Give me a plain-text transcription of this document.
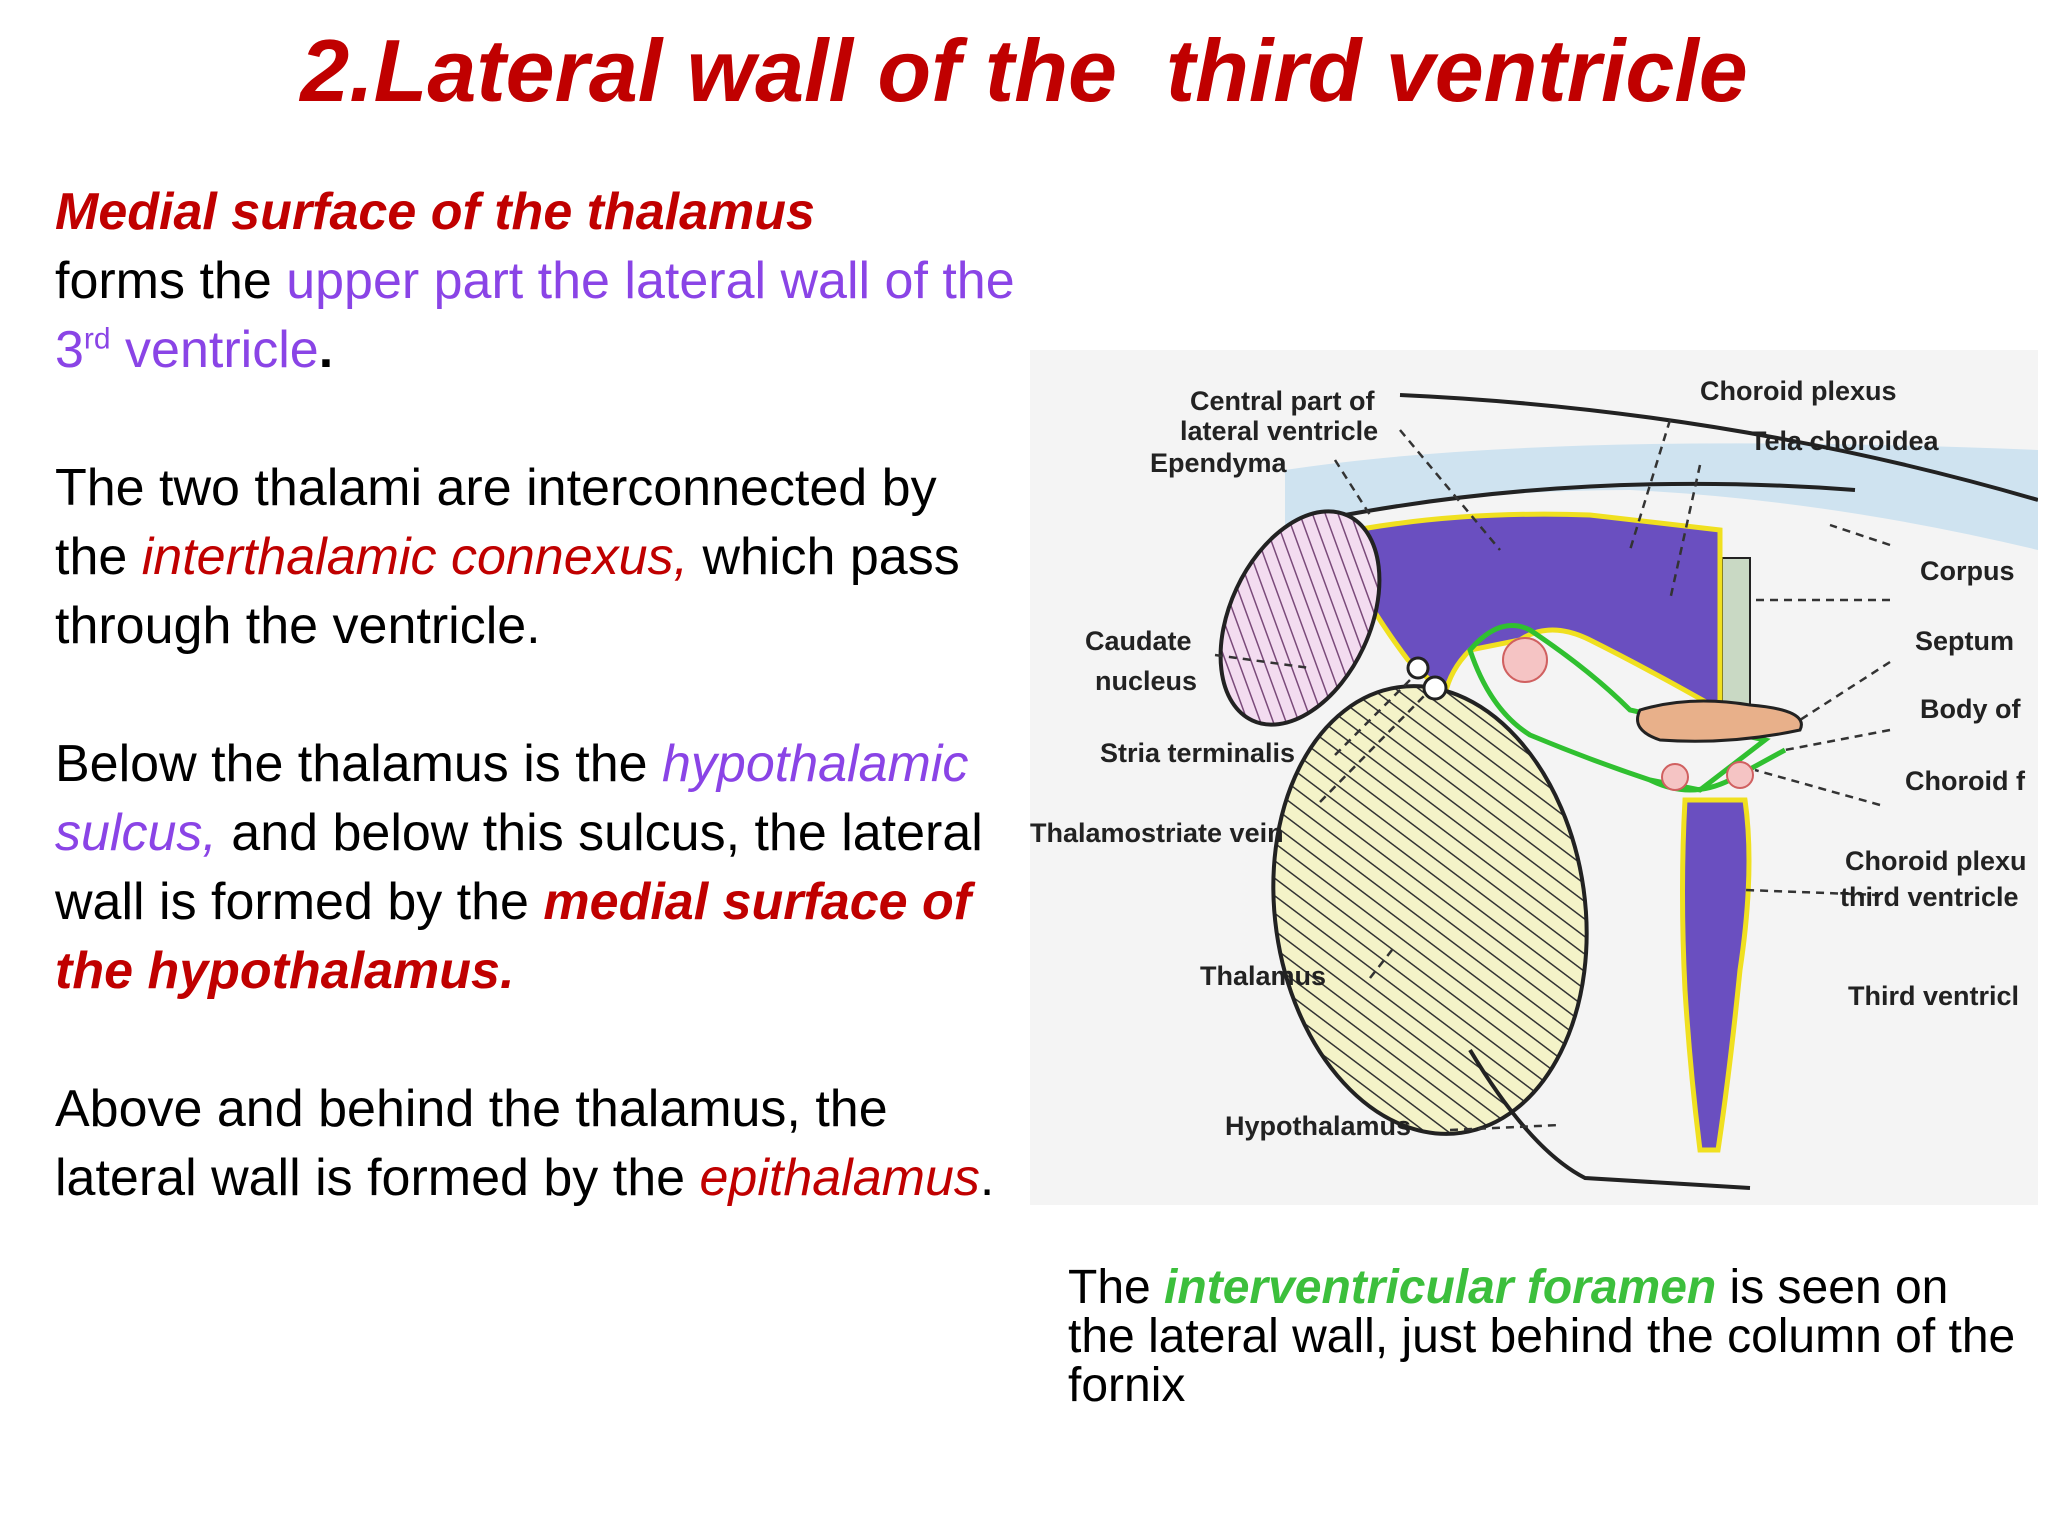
2.Lateral wall of the  third ventricle

Medial surface of the thalamus
forms the upper part the lateral wall of the 3rd ventricle.

The two thalami are interconnected by the interthalamic connexus, which pass through the ventricle.

Below the thalamus is the hypothalamic sulcus, and below this sulcus, the lateral wall is formed by the medial surface of the hypothalamus.

Above and behind the thalamus, the lateral wall is formed by the epithalamus.

Central part of
lateral ventricle
Ependyma
Choroid plexus
Tela choroidea
Corpus
Septum
Body of
Choroid f
Choroid plexu
third ventricle
Third ventricl
Caudate
nucleus
Stria terminalis
Thalamostriate vein
Thalamus
Hypothalamus
The interventricular foramen is seen on the lateral wall, just behind the column of the fornix
